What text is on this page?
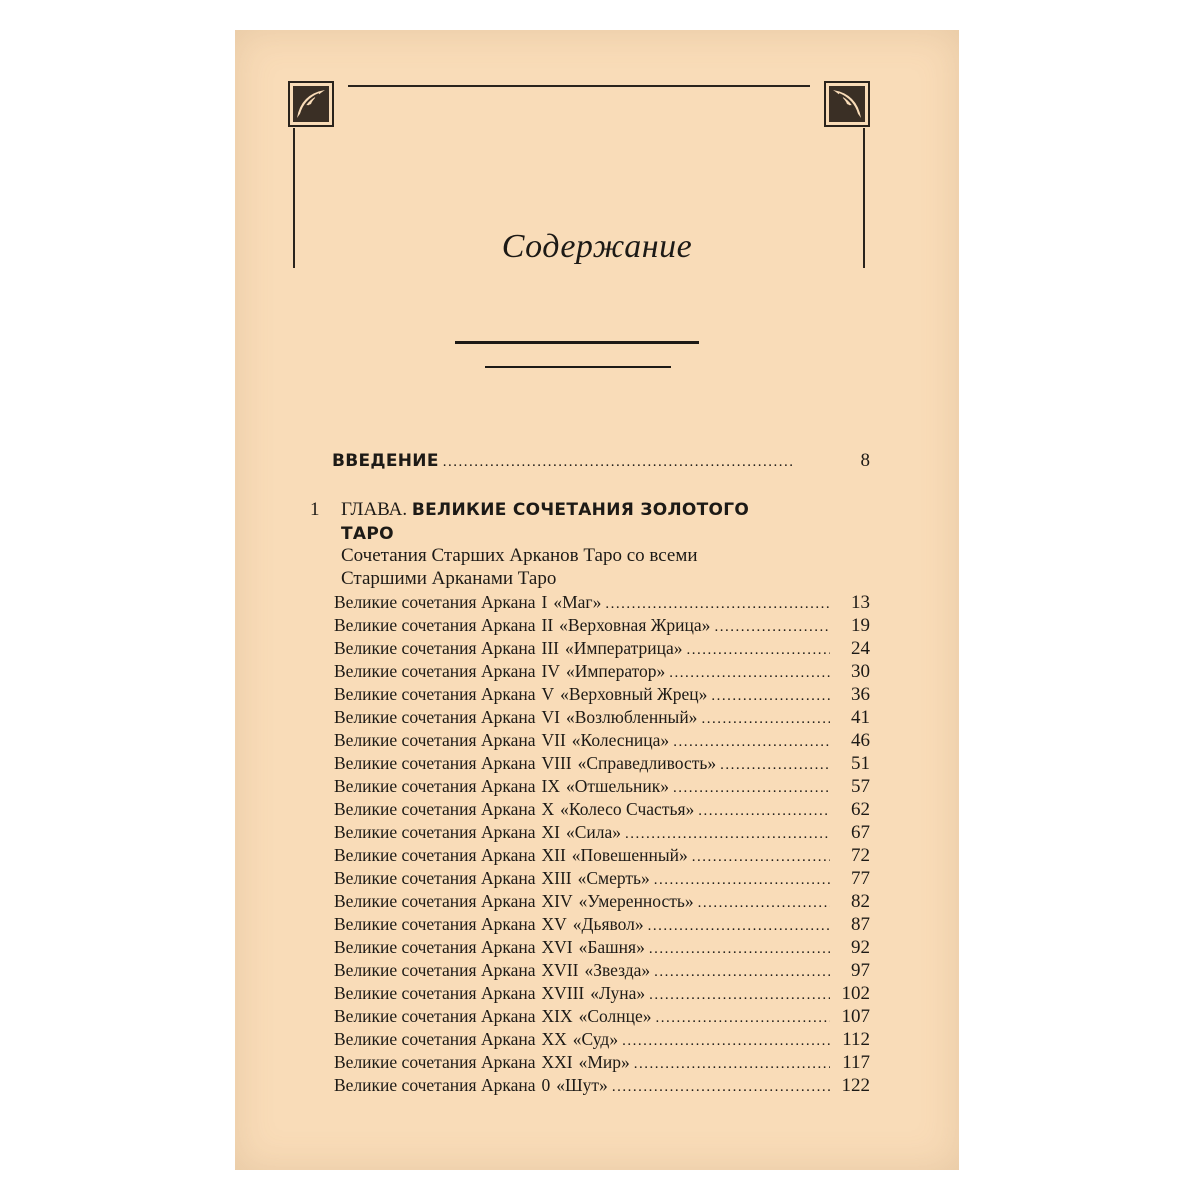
Содержание
ВВЕДЕНИЕ .....	8
1 ГЛАВА. ВЕЛИКИЕ СОЧЕТАНИЯ ЗОЛОТОГО
ТАРО
Сочетания Старших Арканов Таро со всеми
Старшими Арканами Таро
Великие сочетания Аркана I «Маг» .....	13
Великие сочетания Аркана II «Верховная Жрица» .....	19
Великие сочетания Аркана III «Императрица» .....	24
Великие сочетания Аркана IV «Император» .....	30
Великие сочетания Аркана V «Верховный Жрец» .....	36
Великие сочетания Аркана VI «Возлюбленный» .....	41
Великие сочетания Аркана VII «Колесница» .....	46
Великие сочетания Аркана VIII «Справедливость» .....	51
Великие сочетания Аркана IX «Отшельник» .....	57
Великие сочетания Аркана X «Колесо Счастья» .....	62
Великие сочетания Аркана XI «Сила» .....	67
Великие сочетания Аркана XII «Повешенный» .....	72
Великие сочетания Аркана XIII «Смерть» .....	77
Великие сочетания Аркана XIV «Умеренность» .....	82
Великие сочетания Аркана XV «Дьявол» .....	87
Великие сочетания Аркана XVI «Башня» .....	92
Великие сочетания Аркана XVII «Звезда» .....	97
Великие сочетания Аркана XVIII «Луна» .....	102
Великие сочетания Аркана XIX «Солнце» .....	107
Великие сочетания Аркана XX «Суд» .....	112
Великие сочетания Аркана XXI «Мир» .....	117
Великие сочетания Аркана 0 «Шут» .....	122
